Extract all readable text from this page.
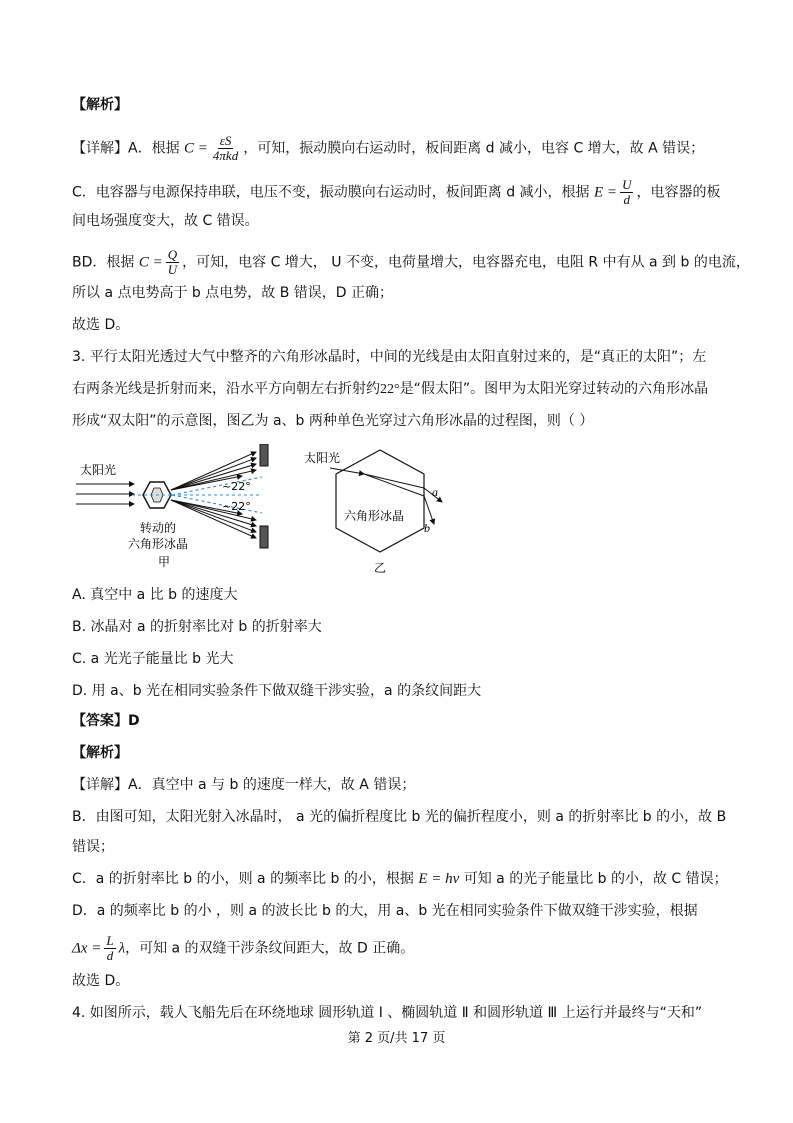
【解析】
【详解】A．根据 $C = \frac{\varepsilon S}{\text{4πkd}}$ ，可知，振动膜向右运动时，板间距离 d 减小，电容 C 增大，故 A 错误；
C．电容器与电源保持串联，电压不变，振动膜向右运动时，板间距离 d 减小，根据 $E = \frac{U}{d}$ ，电容器的板
间电场强度变大，故 C 错误。
BD．根据 $C = \frac{Q}{U}$ ，可知，电容 C 增大， U 不变，电荷量增大，电容器充电，电阻 R 中有从 a 到 b 的电流，
所以 a 点电势高于 b 点电势，故 B 错误，D 正确；
故选 D。
3. 平行太阳光透过大气中整齐的六角形冰晶时，中间的光线是由太阳直射过来的，是“真正的太阳”；左
右两条光线是折射而来，沿水平方向朝左右折射约22°是“假太阳”。图甲为太阳光穿过转动的六角形冰晶
形成“双太阳”的示意图，图乙为 a、b 两种单色光穿过六角形冰晶的过程图，则（ ）
太阳光
~22°
~22°
转动的
六角形冰晶
甲
太阳光
a
b
六角形冰晶
乙
A. 真空中 a 比 b 的速度大
B. 冰晶对 a 的折射率比对 b 的折射率大
C. a 光光子能量比 b 光大
D. 用 a、b 光在相同实验条件下做双缝干涉实验，a 的条纹间距大
【答案】D
【解析】
【详解】A．真空中 a 与 b 的速度一样大，故 A 错误；
B．由图可知，太阳光射入冰晶时， a 光的偏折程度比 b 光的偏折程度小，则 a 的折射率比 b 的小，故 B
错误；
C．a 的折射率比 b 的小，则 a 的频率比 b 的小，根据 E = hν 可知 a 的光子能量比 b 的小，故 C 错误；
D．a 的频率比 b 的小 ，则 a 的波长比 b 的大，用 a、b 光在相同实验条件下做双缝干涉实验，根据
$\Delta x = \frac{L}{d}$ λ，可知 a 的双缝干涉条纹间距大，故 D 正确。
故选 D。
4. 如图所示，载人飞船先后在环绕地球 圆形轨道 Ⅰ 、椭圆轨道 Ⅱ 和圆形轨道 Ⅲ 上运行并最终与“天和”
第 2 页/共 17 页
